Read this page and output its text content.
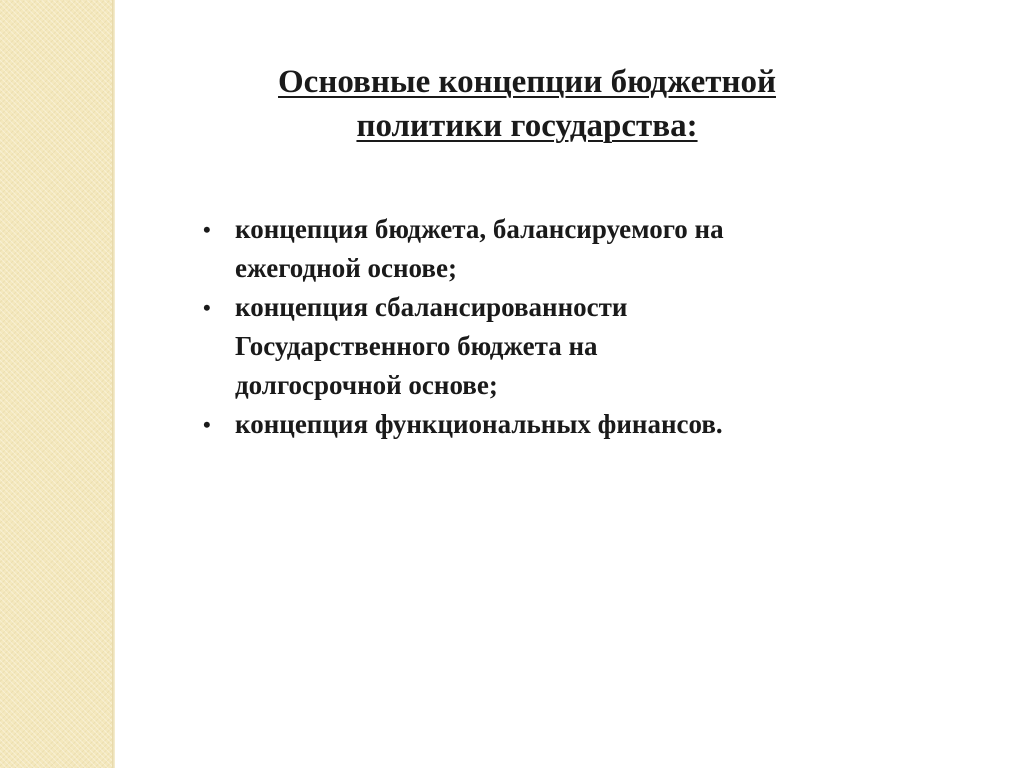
Основные концепции бюджетной
политики государства:
• концепция бюджета, балансируемого на
ежегодной основе;
• концепция сбалансированности
Государственного бюджета на
долгосрочной основе;
• концепция функциональных финансов.
